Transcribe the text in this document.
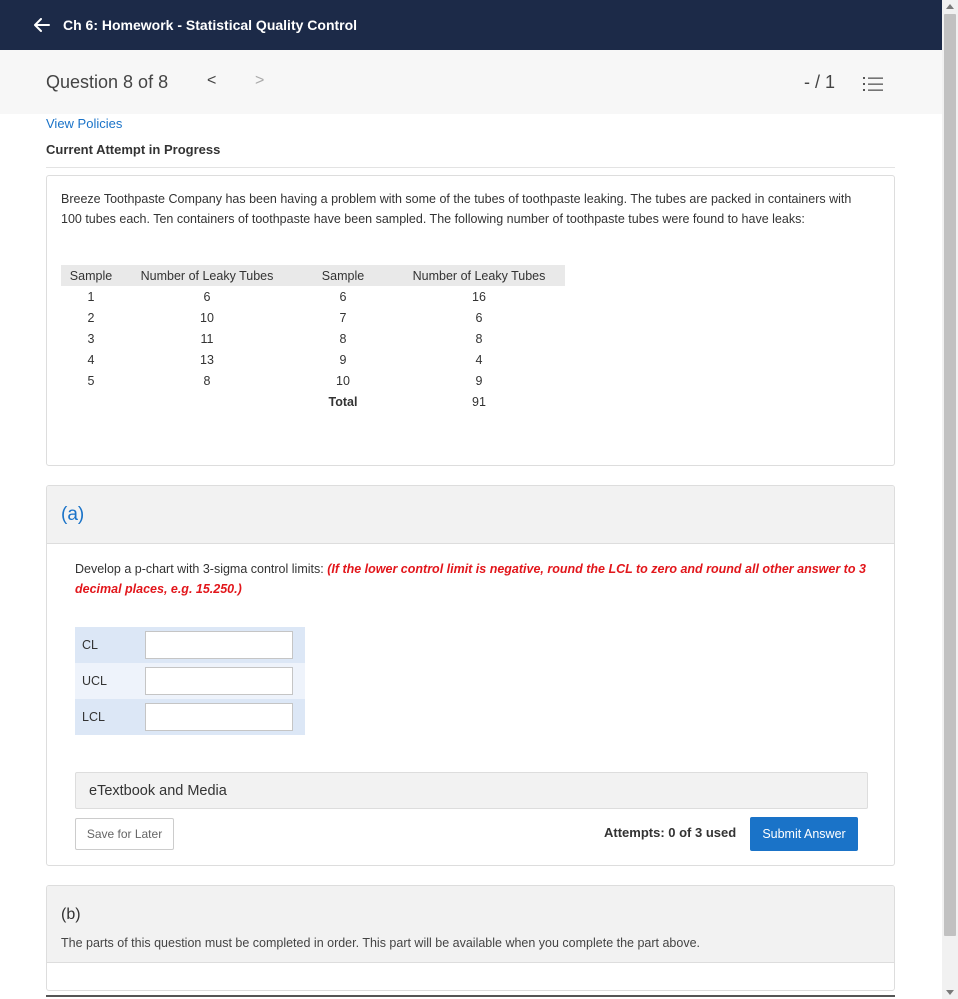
Ch 6: Homework - Statistical Quality Control
Question 8 of 8 < >	- / 1
View Policies
Current Attempt in Progress

Breeze Toothpaste Company has been having a problem with some of the tubes of toothpaste leaking. The tubes are packed in containers with 100 tubes each. Ten containers of toothpaste have been sampled. The following number of toothpaste tubes were found to have leaks:

Sample	Number of Leaky Tubes	Sample	Number of Leaky Tubes
1	6	6	16
2	10	7	6
3	11	8	8
4	13	9	4
5	8	10	9
		Total	91
(a)

Develop a p-chart with 3-sigma control limits: (If the lower control limit is negative, round the LCL to zero and round all other answer to 3 decimal places, e.g. 15.250.)

CL
UCL
LCL
eTextbook and Media
Save for Later	Attempts: 0 of 3 used	Submit Answer
(b)
The parts of this question must be completed in order. This part will be available when you complete the part above.
